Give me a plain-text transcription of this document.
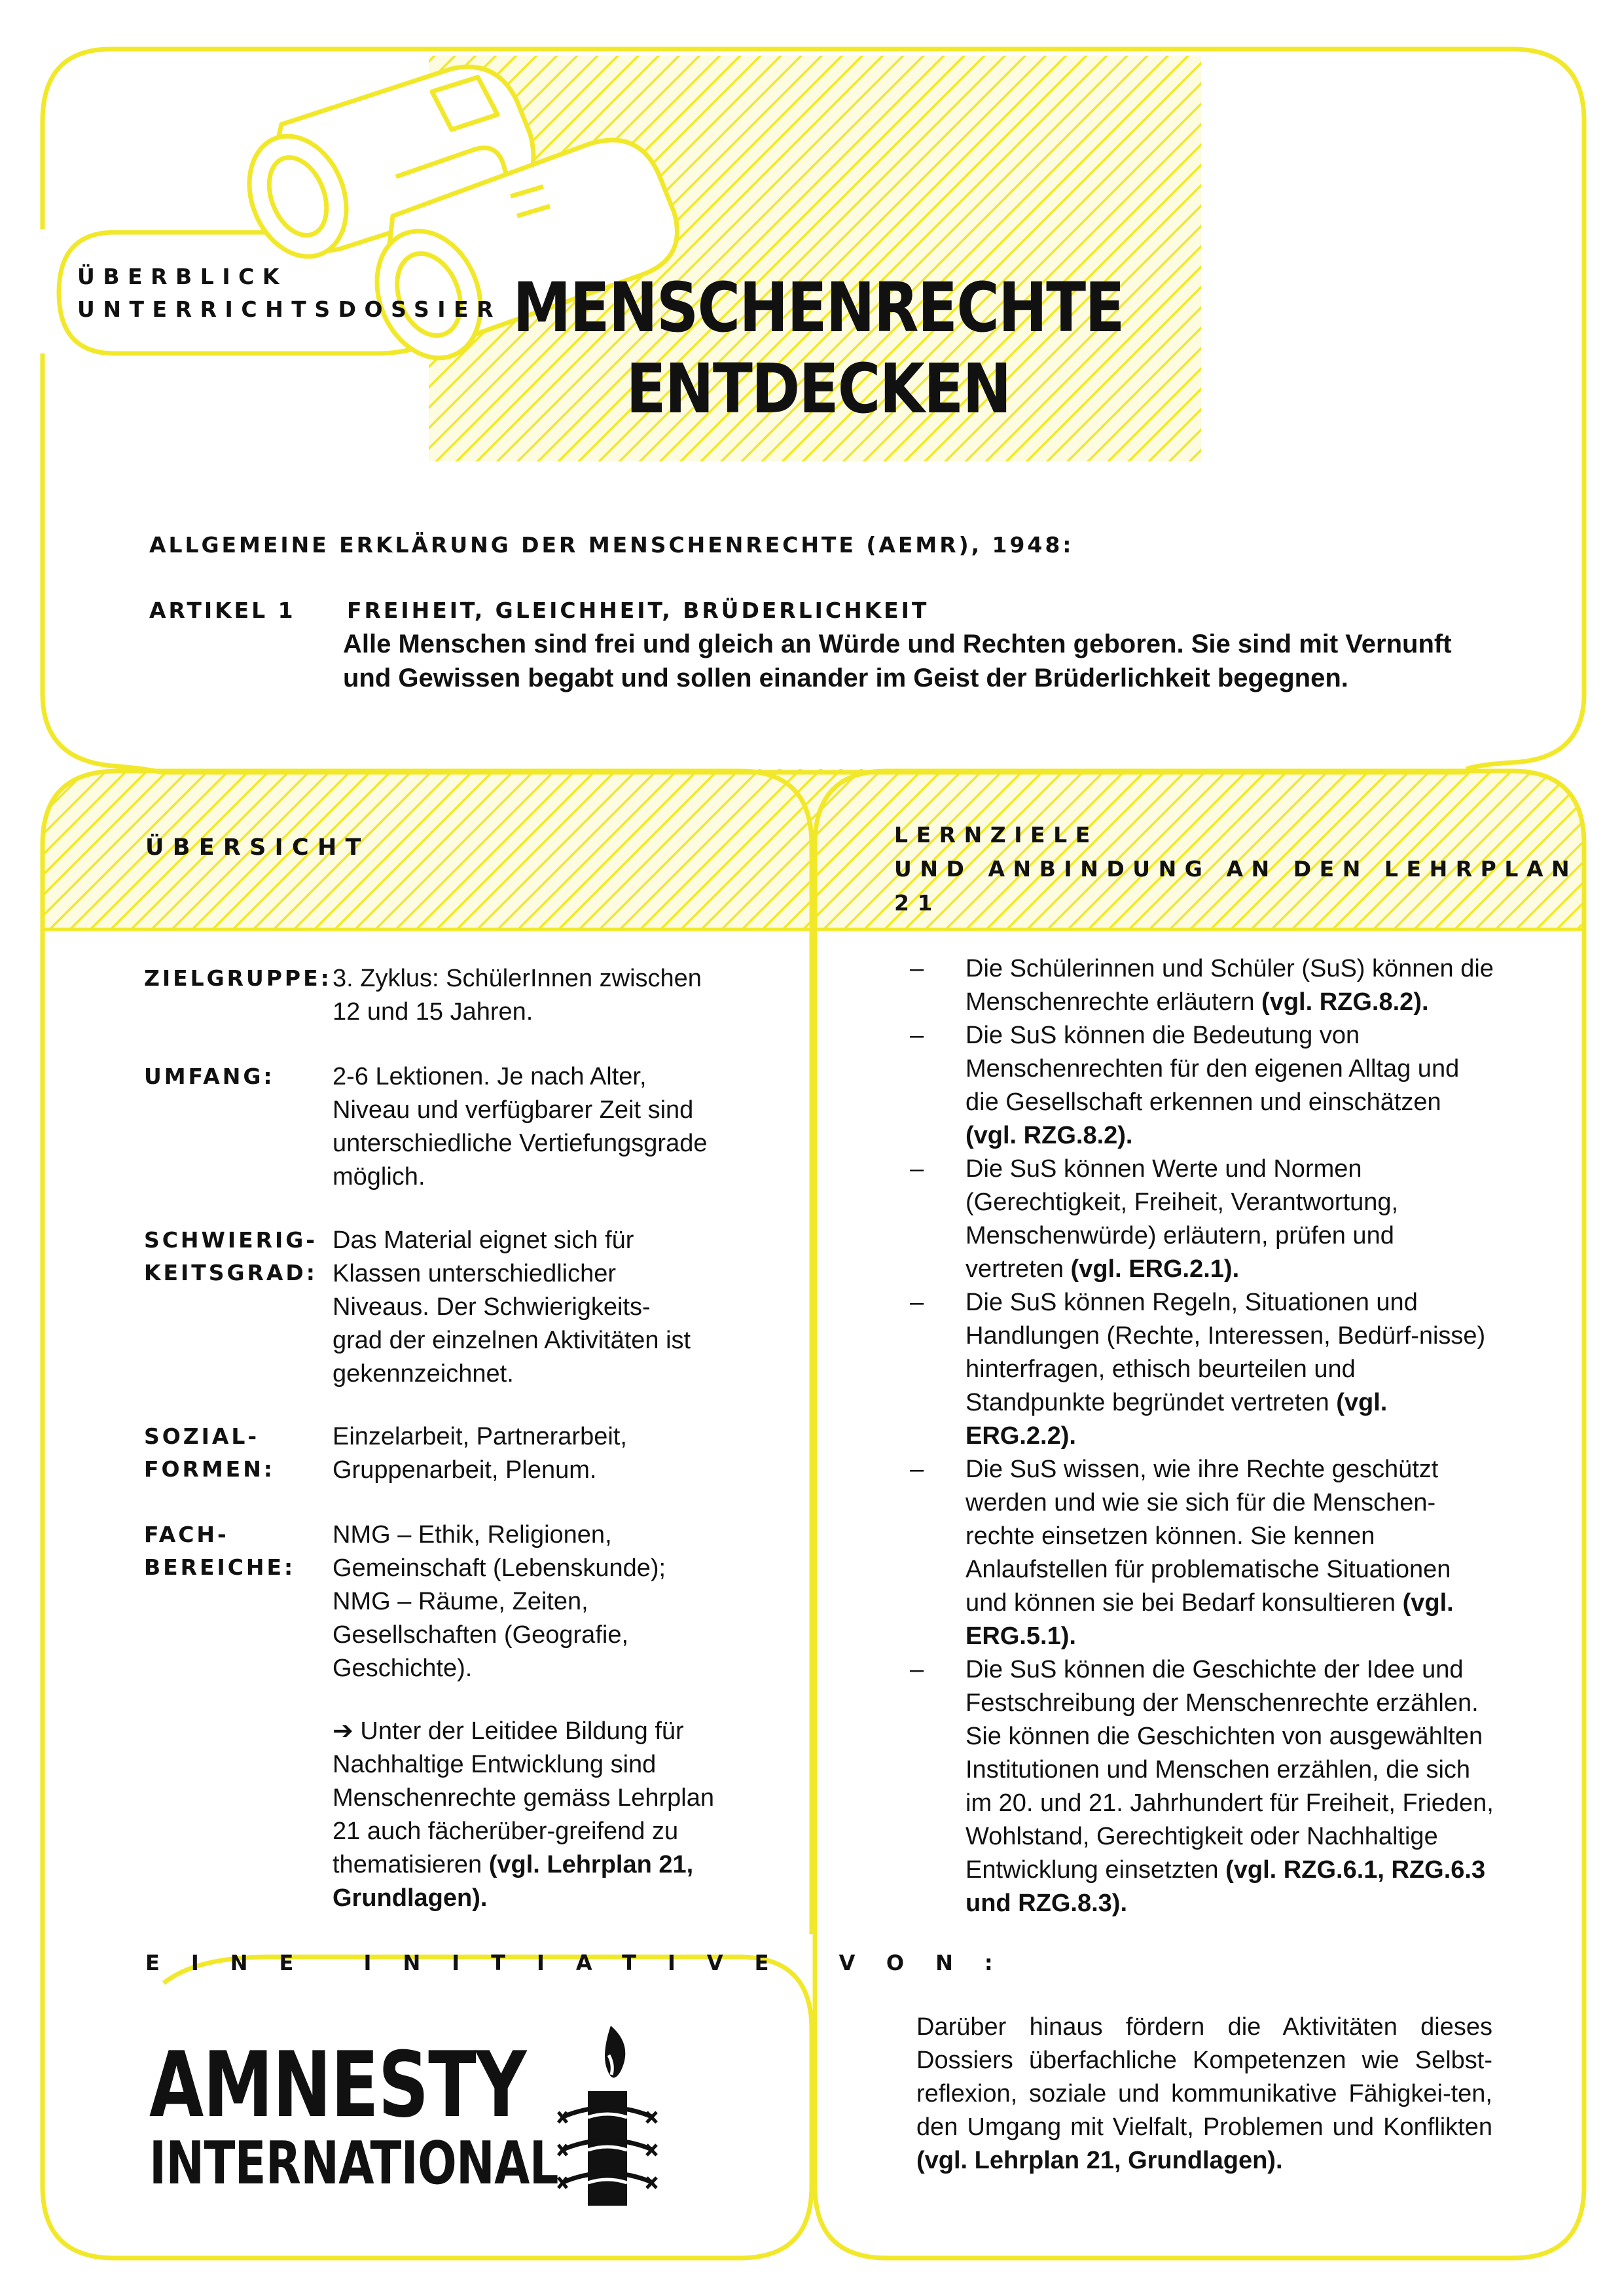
ÜBERBLICK
UNTERRICHTSDOSSIER MENSCHENRECHTE
ENTDECKEN
ALLGEMEINE ERKLÄRUNG DER MENSCHENRECHTE (AEMR), 1948:
ARTIKEL 1 FREIHEIT, GLEICHHEIT, BRÜDERLICHKEIT
Alle Menschen sind frei und gleich an Würde und Rechten geboren. Sie sind mit Vernunft
und Gewissen begabt und sollen einander im Geist der Brüderlichkeit begegnen.
ÜBERSICHT
ZIELGRUPPE: 3. Zyklus: SchülerInnen zwischen 12 und 15 Jahren.
UMFANG:	2-6 Lektionen. Je nach Alter, Niveau und verfügbarer Zeit sind unterschiedliche Vertiefungsgrade möglich.
SCHWIERIG-KEITSGRAD:
Das Material eignet sich für Klassen unterschiedlicher Niveaus. Der Schwierigkeits-grad der einzelnen Aktivitäten ist gekennzeichnet.
SOZIAL-FORMEN:
Einzelarbeit, Partnerarbeit, Gruppenarbeit, Plenum.
FACH-BEREICHE:
NMG – Ethik, Religionen, Gemeinschaft (Lebenskunde); NMG – Räume, Zeiten, Gesellschaften (Geografie, Geschichte).
➔ Unter der Leitidee Bildung für Nachhaltige Entwicklung sind Menschenrechte gemäss Lehrplan 21 auch fächerüber-greifend zu thematisieren (vgl. Lehrplan 21, Grundlagen).
EINE INITIATIVE VON:
AMNESTY
INTERNATIONAL
LERNZIELE
UND ANBINDUNG AN DEN LEHRPLAN 21
– Die Schülerinnen und Schüler (SuS) können die Menschenrechte erläutern (vgl. RZG.8.2).
– Die SuS können die Bedeutung von Menschenrechten für den eigenen Alltag und die Gesellschaft erkennen und einschätzen (vgl. RZG.8.2).
– Die SuS können Werte und Normen (Gerechtigkeit, Freiheit, Verantwortung, Menschenwürde) erläutern, prüfen und vertreten (vgl. ERG.2.1).
– Die SuS können Regeln, Situationen und Handlungen (Rechte, Interessen, Bedürf-nisse) hinterfragen, ethisch beurteilen und Standpunkte begründet vertreten (vgl. ERG.2.2).
– Die SuS wissen, wie ihre Rechte geschützt werden und wie sie sich für die Menschen-rechte einsetzen können. Sie kennen Anlaufstellen für problematische Situationen und können sie bei Bedarf konsultieren (vgl. ERG.5.1).
– Die SuS können die Geschichte der Idee und Festschreibung der Menschenrechte erzählen. Sie können die Geschichten von ausgewählten Institutionen und Menschen erzählen, die sich im 20. und 21. Jahrhundert für Freiheit, Frieden, Wohlstand, Gerechtigkeit oder Nachhaltige Entwicklung einsetzten (vgl. RZG.6.1, RZG.6.3 und RZG.8.3).
Darüber hinaus fördern die Aktivitäten dieses Dossiers überfachliche Kompetenzen wie Selbst-reflexion, soziale und kommunikative Fähigkei-ten, den Umgang mit Vielfalt, Problemen und Konflikten (vgl. Lehrplan 21, Grundlagen).
